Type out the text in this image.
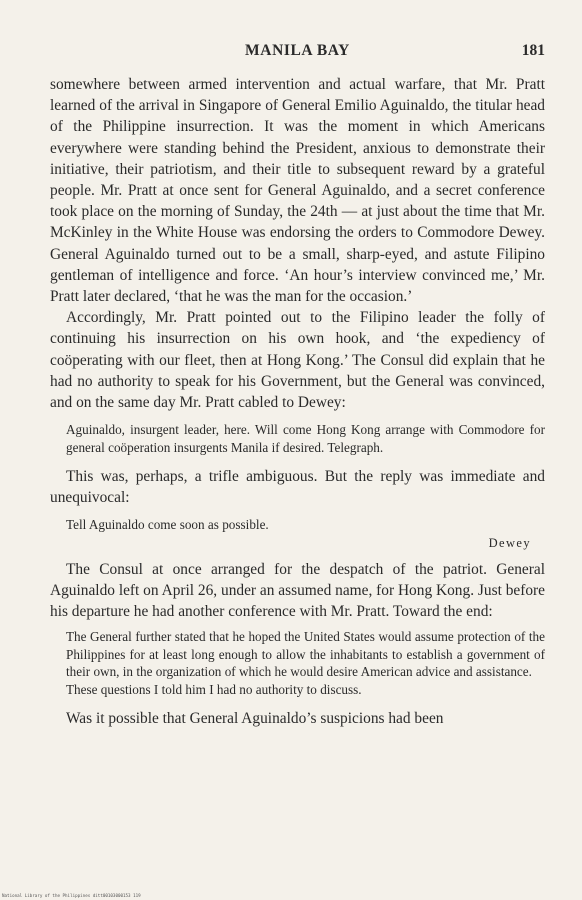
MANILA BAY	181

somewhere between armed intervention and actual warfare, that Mr. Pratt learned of the arrival in Singapore of General Emilio Aguinaldo, the titular head of the Philippine insurrection. It was the moment in which Americans everywhere were standing behind the President, anxious to demonstrate their initiative, their patriotism, and their title to subsequent reward by a grateful people. Mr. Pratt at once sent for General Aguinaldo, and a secret conference took place on the morning of Sunday, the 24th — at just about the time that Mr. McKinley in the White House was endorsing the orders to Commodore Dewey. General Aguinaldo turned out to be a small, sharp-eyed, and astute Filipino gentleman of intelligence and force. ‘An hour’s interview convinced me,’ Mr. Pratt later declared, ‘that he was the man for the occasion.’

Accordingly, Mr. Pratt pointed out to the Filipino leader the folly of continuing his insurrection on his own hook, and ‘the expediency of coöperating with our fleet, then at Hong Kong.’ The Consul did explain that he had no authority to speak for his Government, but the General was convinced, and on the same day Mr. Pratt cabled to Dewey:

Aguinaldo, insurgent leader, here. Will come Hong Kong arrange with Commodore for general coöperation insurgents Manila if desired. Telegraph.

This was, perhaps, a trifle ambiguous. But the reply was immediate and unequivocal:

Tell Aguinaldo come soon as possible.

Dewey

The Consul at once arranged for the despatch of the patriot. General Aguinaldo left on April 26, under an assumed name, for Hong Kong. Just before his departure he had another conference with Mr. Pratt. Toward the end:

The General further stated that he hoped the United States would assume protection of the Philippines for at least long enough to allow the inhabitants to establish a government of their own, in the organization of which he would desire American advice and assistance.

These questions I told him I had no authority to discuss.

Was it possible that General Aguinaldo’s suspicions had been

National Library of the Philippines ditt00103000153 119
